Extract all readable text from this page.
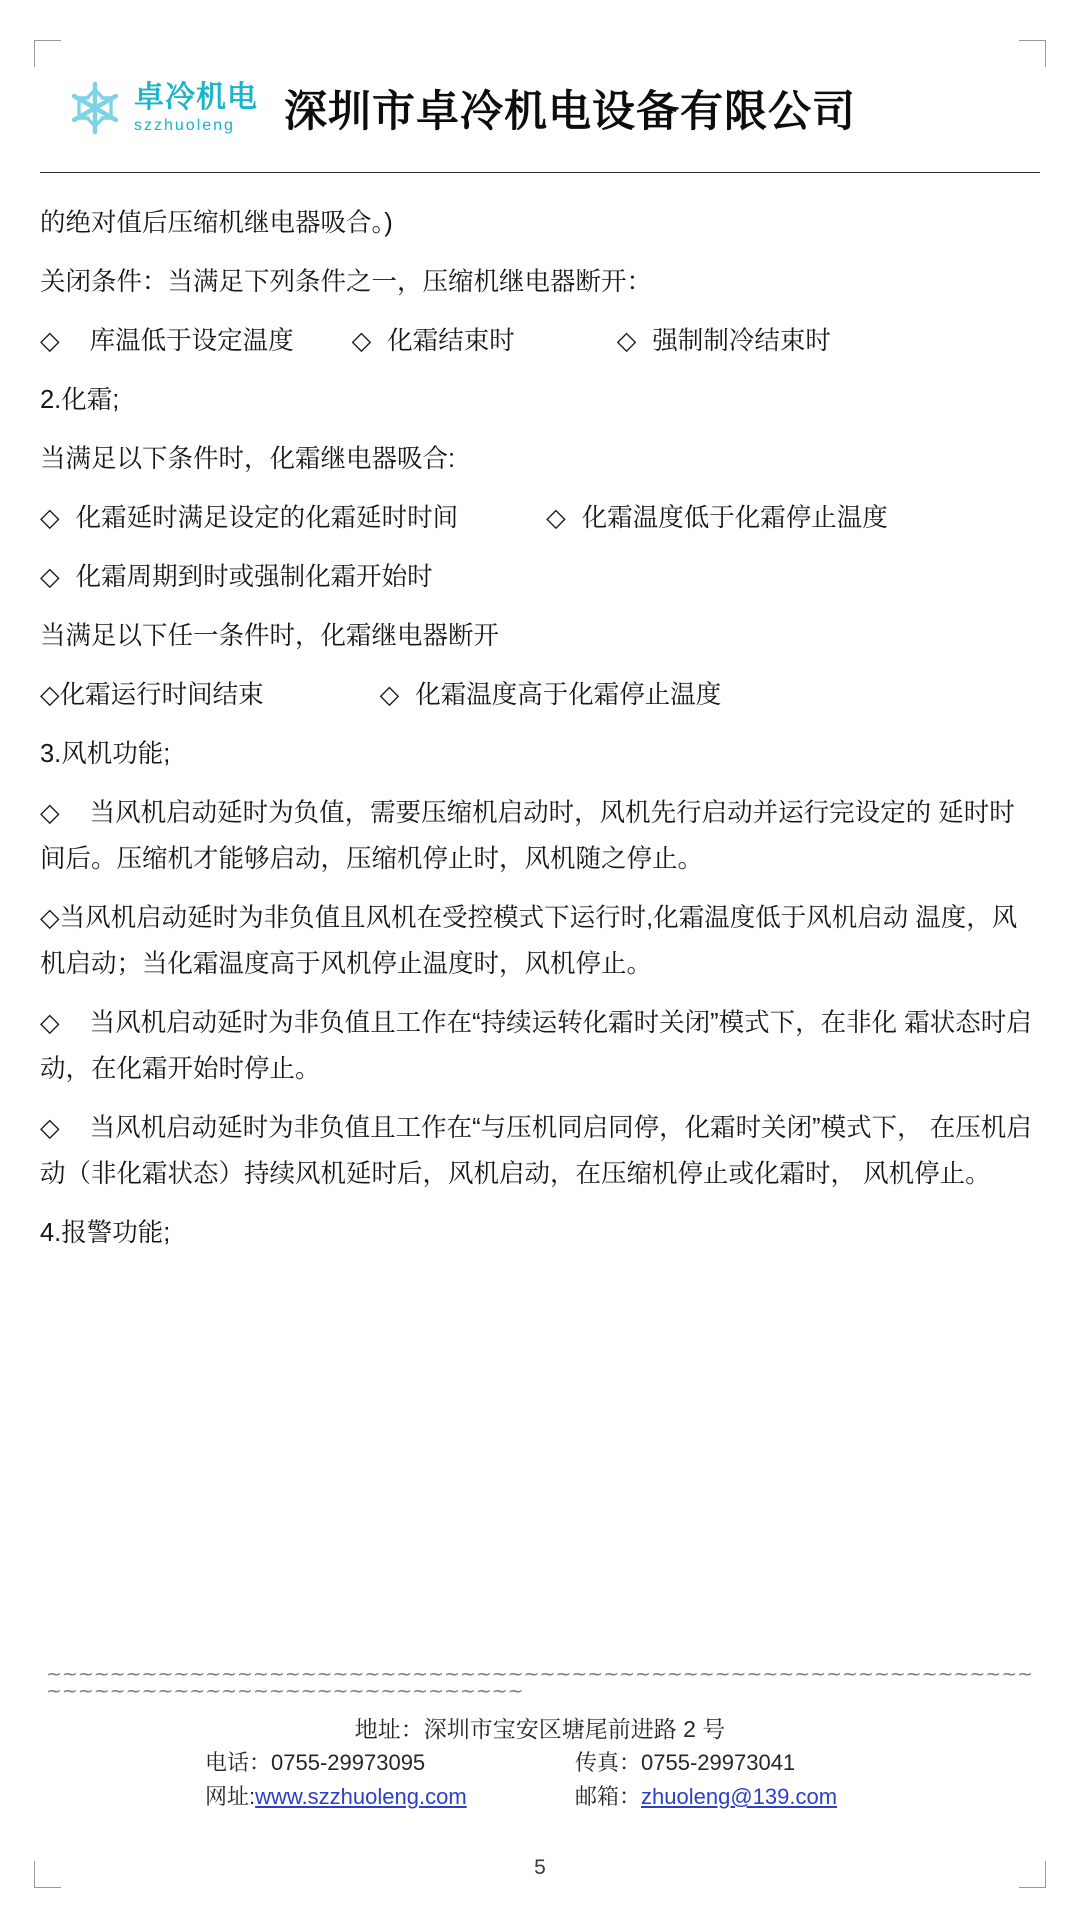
卓冷机电
szzhuoleng	深圳市卓冷机电设备有限公司

的绝对值后压缩机继电器吸合。)

关闭条件：当满足下列条件之一，压缩机继电器断开：

◇ 库温低于设定温度 ◇ 化霜结束时	◇ 强制制冷结束时

2.化霜;

当满足以下条件时，化霜继电器吸合:

◇ 化霜延时满足设定的化霜延时时间	◇ 化霜温度低于化霜停止温度
◇ 化霜周期到时或强制化霜开始时

当满足以下任一条件时，化霜继电器断开

◇化霜运行时间结束	◇ 化霜温度高于化霜停止温度

3.风机功能;

◇ 当风机启动延时为负值，需要压缩机启动时，风机先行启动并运行完设定的 延时时间后。压缩机才能够启动，压缩机停止时，风机随之停止。
◇当风机启动延时为非负值且风机在受控模式下运行时,化霜温度低于风机启动 温度，风机启动；当化霜温度高于风机停止温度时，风机停止。
◇ 当风机启动延时为非负值且工作在“持续运转化霜时关闭”模式下，在非化 霜状态时启动，在化霜开始时停止。
◇ 当风机启动延时为非负值且工作在“与压机同启同停，化霜时关闭”模式下， 在压机启动（非化霜状态）持续风机延时后，风机启动，在压缩机停止或化霜时， 风机停止。

4.报警功能;

~~~~~~~~~~~~~~~~~~~~~~~~~~~~~~~~~~~~~~~~~~~~~~~~~~~~~~~~~~~~~~~~~~~~~~~~~~~~~~~~~~~~~~~~~~~~
地址：深圳市宝安区塘尾前进路 2 号
电话：0755-29973095	传真：0755-29973041
网址:www.szzhuoleng.com	邮箱：zhuoleng@139.com
5
